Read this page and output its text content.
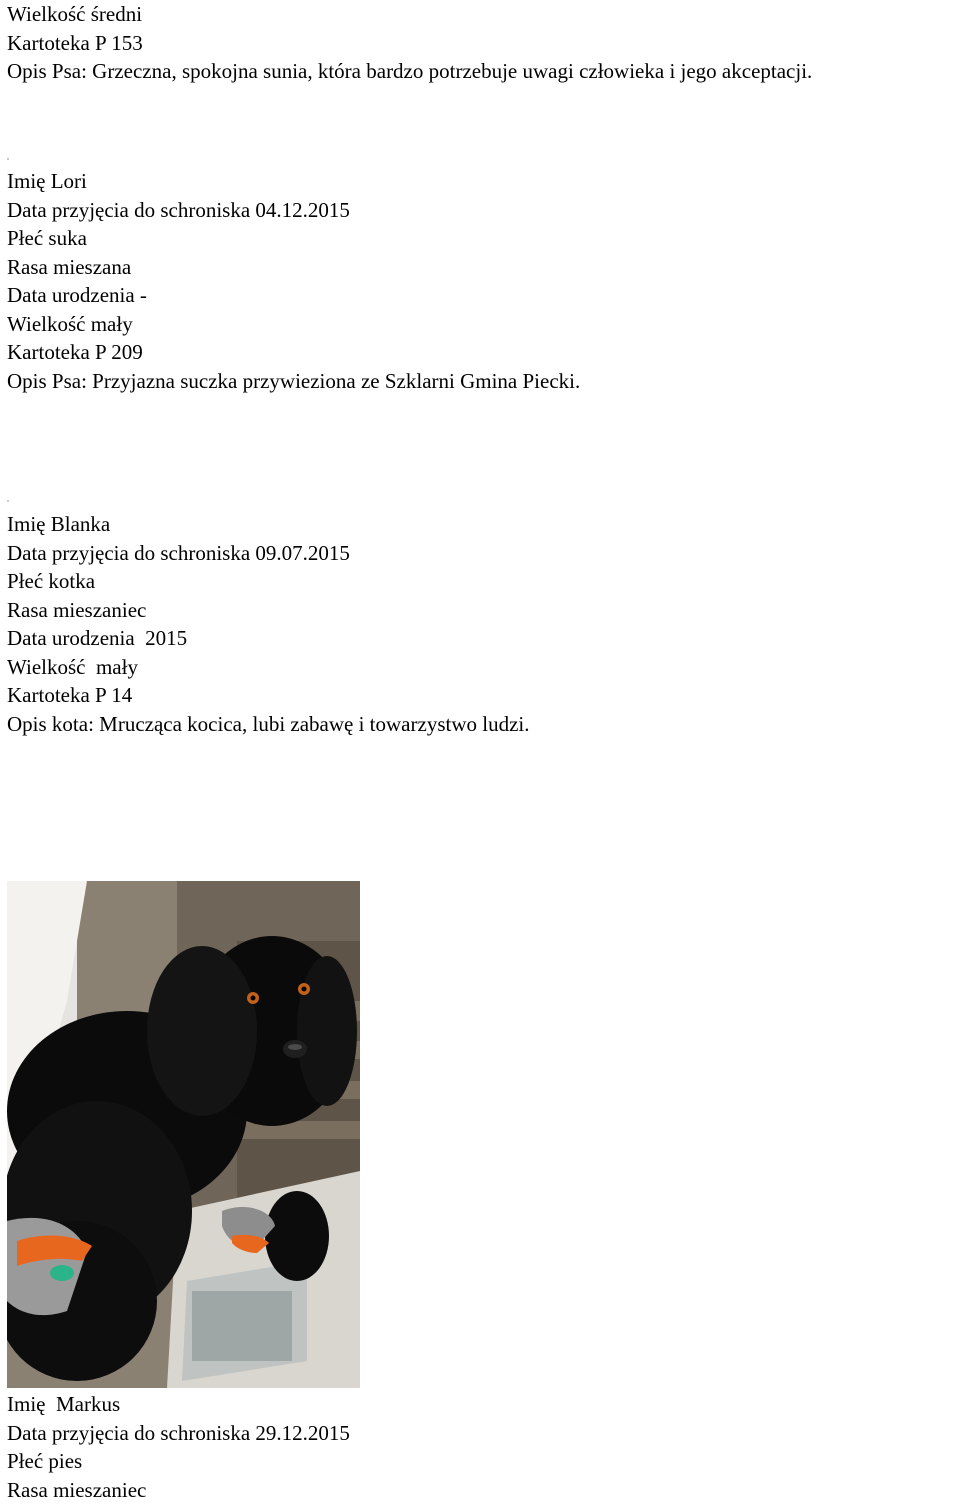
Wielkość średni
Kartoteka P 153
Opis Psa: Grzeczna, spokojna sunia, która bardzo potrzebuje uwagi człowieka i jego akceptacji.
Imię Lori
Data przyjęcia do schroniska 04.12.2015
Płeć suka
Rasa mieszana
Data urodzenia -
Wielkość mały
Kartoteka P 209
Opis Psa: Przyjazna suczka przywieziona ze Szklarni Gmina Piecki.
Imię Blanka
Data przyjęcia do schroniska 09.07.2015
Płeć kotka
Rasa mieszaniec
Data urodzenia  2015
Wielkość  mały
Kartoteka P 14
Opis kota: Mrucząca kocica, lubi zabawę i towarzystwo ludzi.
Imię  Markus
Data przyjęcia do schroniska 29.12.2015
Płeć pies
Rasa mieszaniec
